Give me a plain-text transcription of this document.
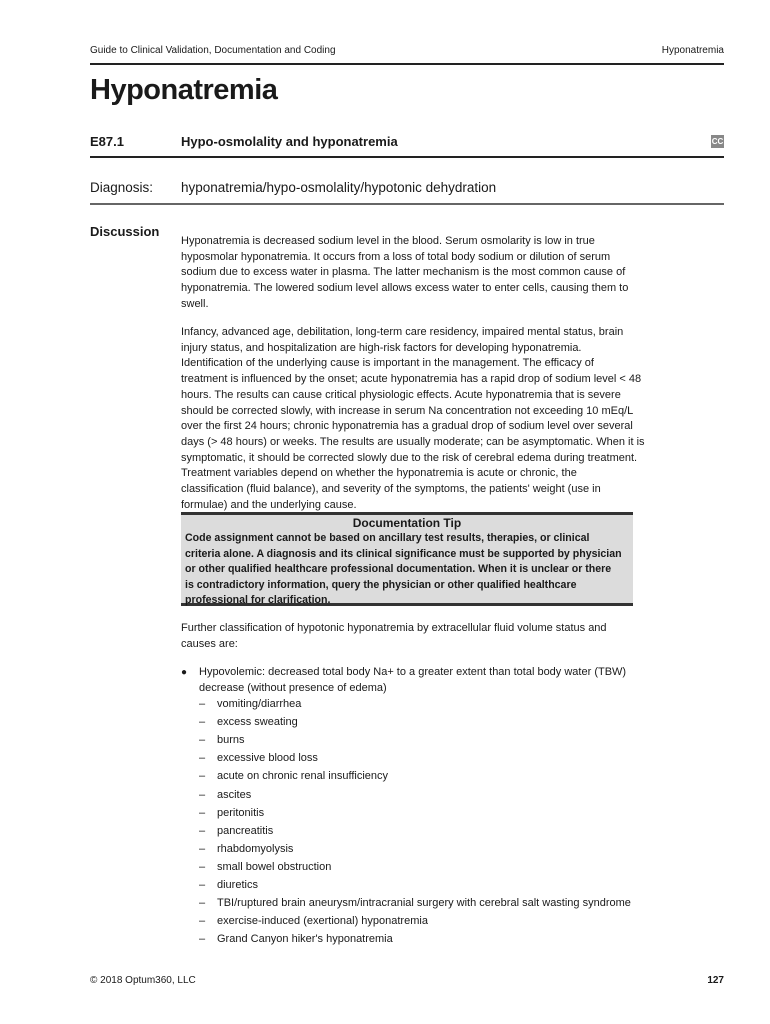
Guide to Clinical Validation, Documentation and Coding	Hyponatremia
Hyponatremia
E87.1	Hypo-osmolality and hyponatremia	CC
Diagnosis: hyponatremia/hypo-osmolality/hypotonic dehydration
Discussion
Hyponatremia is decreased sodium level in the blood. Serum osmolarity is low in true
hyposmolar hyponatremia. It occurs from a loss of total body sodium or dilution of serum
sodium due to excess water in plasma. The latter mechanism is the most common cause of
hyponatremia. The lowered sodium level allows excess water to enter cells, causing them to
swell.
Infancy, advanced age, debilitation, long-term care residency, impaired mental status, brain
injury status, and hospitalization are high-risk factors for developing hyponatremia.
Identification of the underlying cause is important in the management. The efficacy of
treatment is influenced by the onset; acute hyponatremia has a rapid drop of sodium level < 48
hours. The results can cause critical physiologic effects. Acute hyponatremia that is severe
should be corrected slowly, with increase in serum Na concentration not exceeding 10 mEq/L
over the first 24 hours; chronic hyponatremia has a gradual drop of sodium level over several
days (> 48 hours) or weeks. The results are usually moderate; can be asymptomatic. When it is
symptomatic, it should be corrected slowly due to the risk of cerebral edema during treatment.
Treatment variables depend on whether the hyponatremia is acute or chronic, the
classification (fluid balance), and severity of the symptoms, the patients' weight (use in
formulae) and the underlying cause.
Documentation Tip
Code assignment cannot be based on ancillary test results, therapies, or clinical
criteria alone. A diagnosis and its clinical significance must be supported by physician
or other qualified healthcare professional documentation. When it is unclear or there
is contradictory information, query the physician or other qualified healthcare
professional for clarification.
Further classification of hypotonic hyponatremia by extracellular fluid volume status and
causes are:
● Hypovolemic: decreased total body Na+ to a greater extent than total body water (TBW)
decrease (without presence of edema)
– vomiting/diarrhea
– excess sweating
– burns
– excessive blood loss
– acute on chronic renal insufficiency
– ascites
– peritonitis
– pancreatitis
– rhabdomyolysis
– small bowel obstruction
– diuretics
– TBI/ruptured brain aneurysm/intracranial surgery with cerebral salt wasting syndrome
– exercise-induced (exertional) hyponatremia
– Grand Canyon hiker's hyponatremia
© 2018 Optum360, LLC	127
